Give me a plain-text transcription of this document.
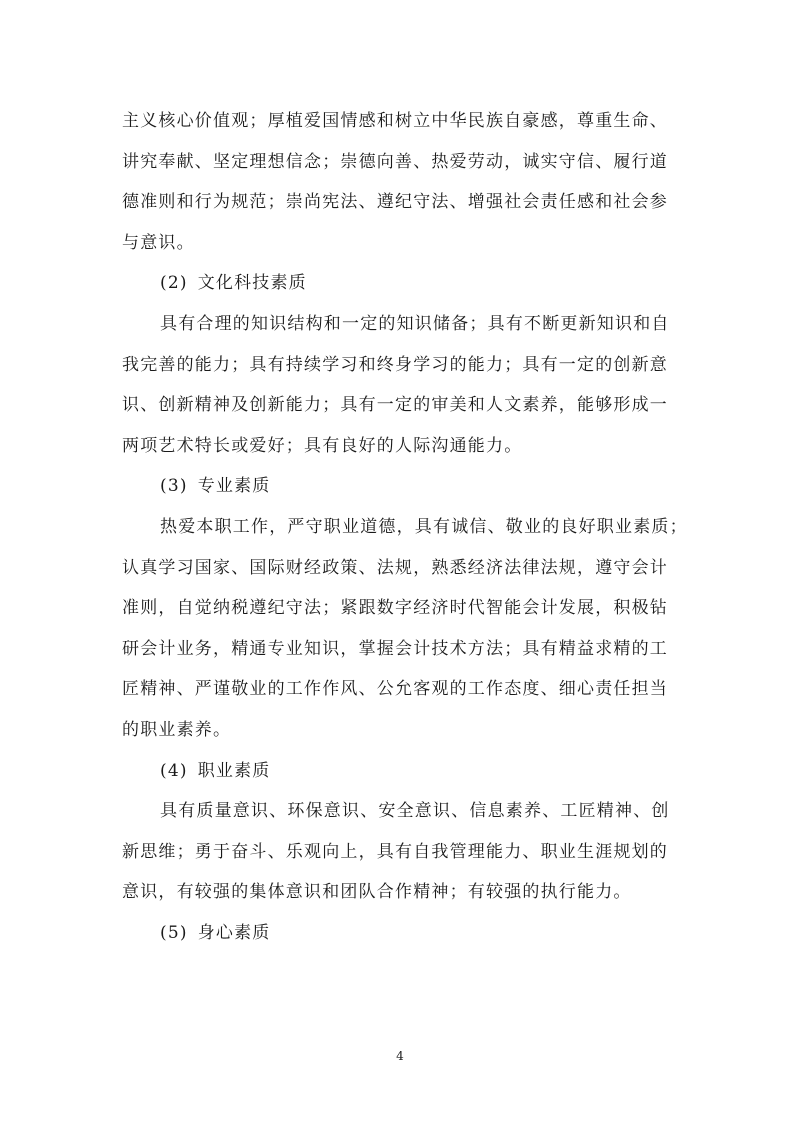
主义核心价值观；厚植爱国情感和树立中华民族自豪感，尊重生命、
讲究奉献、坚定理想信念；崇德向善、热爱劳动，诚实守信、履行道
德准则和行为规范；崇尚宪法、遵纪守法、增强社会责任感和社会参
与意识。

(2) 文化科技素质

具有合理的知识结构和一定的知识储备；具有不断更新知识和自
我完善的能力；具有持续学习和终身学习的能力；具有一定的创新意
识、创新精神及创新能力；具有一定的审美和人文素养，能够形成一
两项艺术特长或爱好；具有良好的人际沟通能力。

(3) 专业素质

热爱本职工作，严守职业道德，具有诚信、敬业的良好职业素质；
认真学习国家、国际财经政策、法规，熟悉经济法律法规，遵守会计
准则，自觉纳税遵纪守法；紧跟数字经济时代智能会计发展，积极钻
研会计业务，精通专业知识，掌握会计技术方法；具有精益求精的工
匠精神、严谨敬业的工作作风、公允客观的工作态度、细心责任担当
的职业素养。

(4) 职业素质

具有质量意识、环保意识、安全意识、信息素养、工匠精神、创
新思维；勇于奋斗、乐观向上，具有自我管理能力、职业生涯规划的
意识，有较强的集体意识和团队合作精神；有较强的执行能力。

(5) 身心素质

4
